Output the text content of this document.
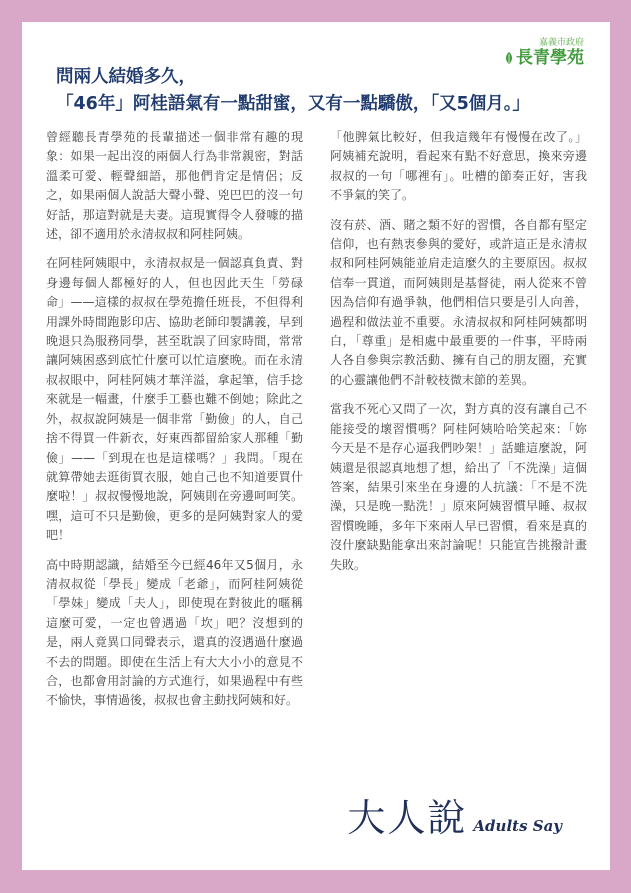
嘉義市政府
長青學苑
問兩人結婚多久，
「46年」阿桂語氣有一點甜蜜，又有一點驕傲，「又5個月。」

曾經聽長青學苑的長輩描述一個非常有趣的現象：如果一起出沒的兩個人行為非常親密，對話溫柔可愛、輕聲細語，那他們肯定是情侶；反之，如果兩個人說話大聲小聲、兇巴巴的沒一句好話，那這對就是夫妻。這現實得令人發噱的描述，卻不適用於永清叔叔和阿桂阿姨。

在阿桂阿姨眼中，永清叔叔是一個認真負責、對身邊每個人都極好的人，但也因此天生「勞碌命」——這樣的叔叔在學苑擔任班長，不但得利用課外時間跑影印店、協助老師印製講義，早到晚退只為服務同學，甚至耽誤了回家時間，常常讓阿姨困惑到底忙什麼可以忙這麼晚。而在永清叔叔眼中，阿桂阿姨才華洋溢，拿起筆，信手捻來就是一幅畫，什麼手工藝也難不倒她；除此之外，叔叔說阿姨是一個非常「勤儉」的人，自己捨不得買一件新衣，好東西都留給家人那種「勤儉」——「到現在也是這樣嗎？」我問。「現在就算帶她去逛街買衣服，她自己也不知道要買什麼啦！」叔叔慢慢地說，阿姨則在旁邊呵呵笑。嘿，這可不只是勤儉，更多的是阿姨對家人的愛吧！

高中時期認識，結婚至今已經46年又5個月，永清叔叔從「學長」變成「老爺」，而阿桂阿姨從「學妹」變成「夫人」，即使現在對彼此的暱稱這麼可愛，一定也曾遇過「坎」吧？沒想到的是，兩人竟異口同聲表示，還真的沒遇過什麼過不去的問題。即使在生活上有大大小小的意見不合，也都會用討論的方式進行，如果過程中有些不愉快，事情過後，叔叔也會主動找阿姨和好。

「他脾氣比較好，但我這幾年有慢慢在改了。」阿姨補充說明，看起來有點不好意思，換來旁邊叔叔的一句「哪裡有」。吐槽的節奏正好，害我不爭氣的笑了。

沒有菸、酒、賭之類不好的習慣，各自都有堅定信仰，也有熱衷參與的愛好，或許這正是永清叔叔和阿桂阿姨能並肩走這麼久的主要原因。叔叔信奉一貫道，而阿姨則是基督徒，兩人從來不曾因為信仰有過爭執，他們相信只要是引人向善，過程和做法並不重要。永清叔叔和阿桂阿姨都明白，「尊重」是相處中最重要的一件事，平時兩人各自參與宗教活動、擁有自己的朋友圈，充實的心靈讓他們不計較枝微末節的差異。

當我不死心又問了一次，對方真的沒有讓自己不能接受的壞習慣嗎？阿桂阿姨哈哈笑起來：「妳今天是不是存心逼我們吵架！」話雖這麼說，阿姨還是很認真地想了想，給出了「不洗澡」這個答案，結果引來坐在身邊的人抗議：「不是不洗澡，只是晚一點洗！」原來阿姨習慣早睡、叔叔習慣晚睡，多年下來兩人早已習慣，看來是真的沒什麼缺點能拿出來討論呢！只能宣告挑撥計畫失敗。

大人說 Adults Say
